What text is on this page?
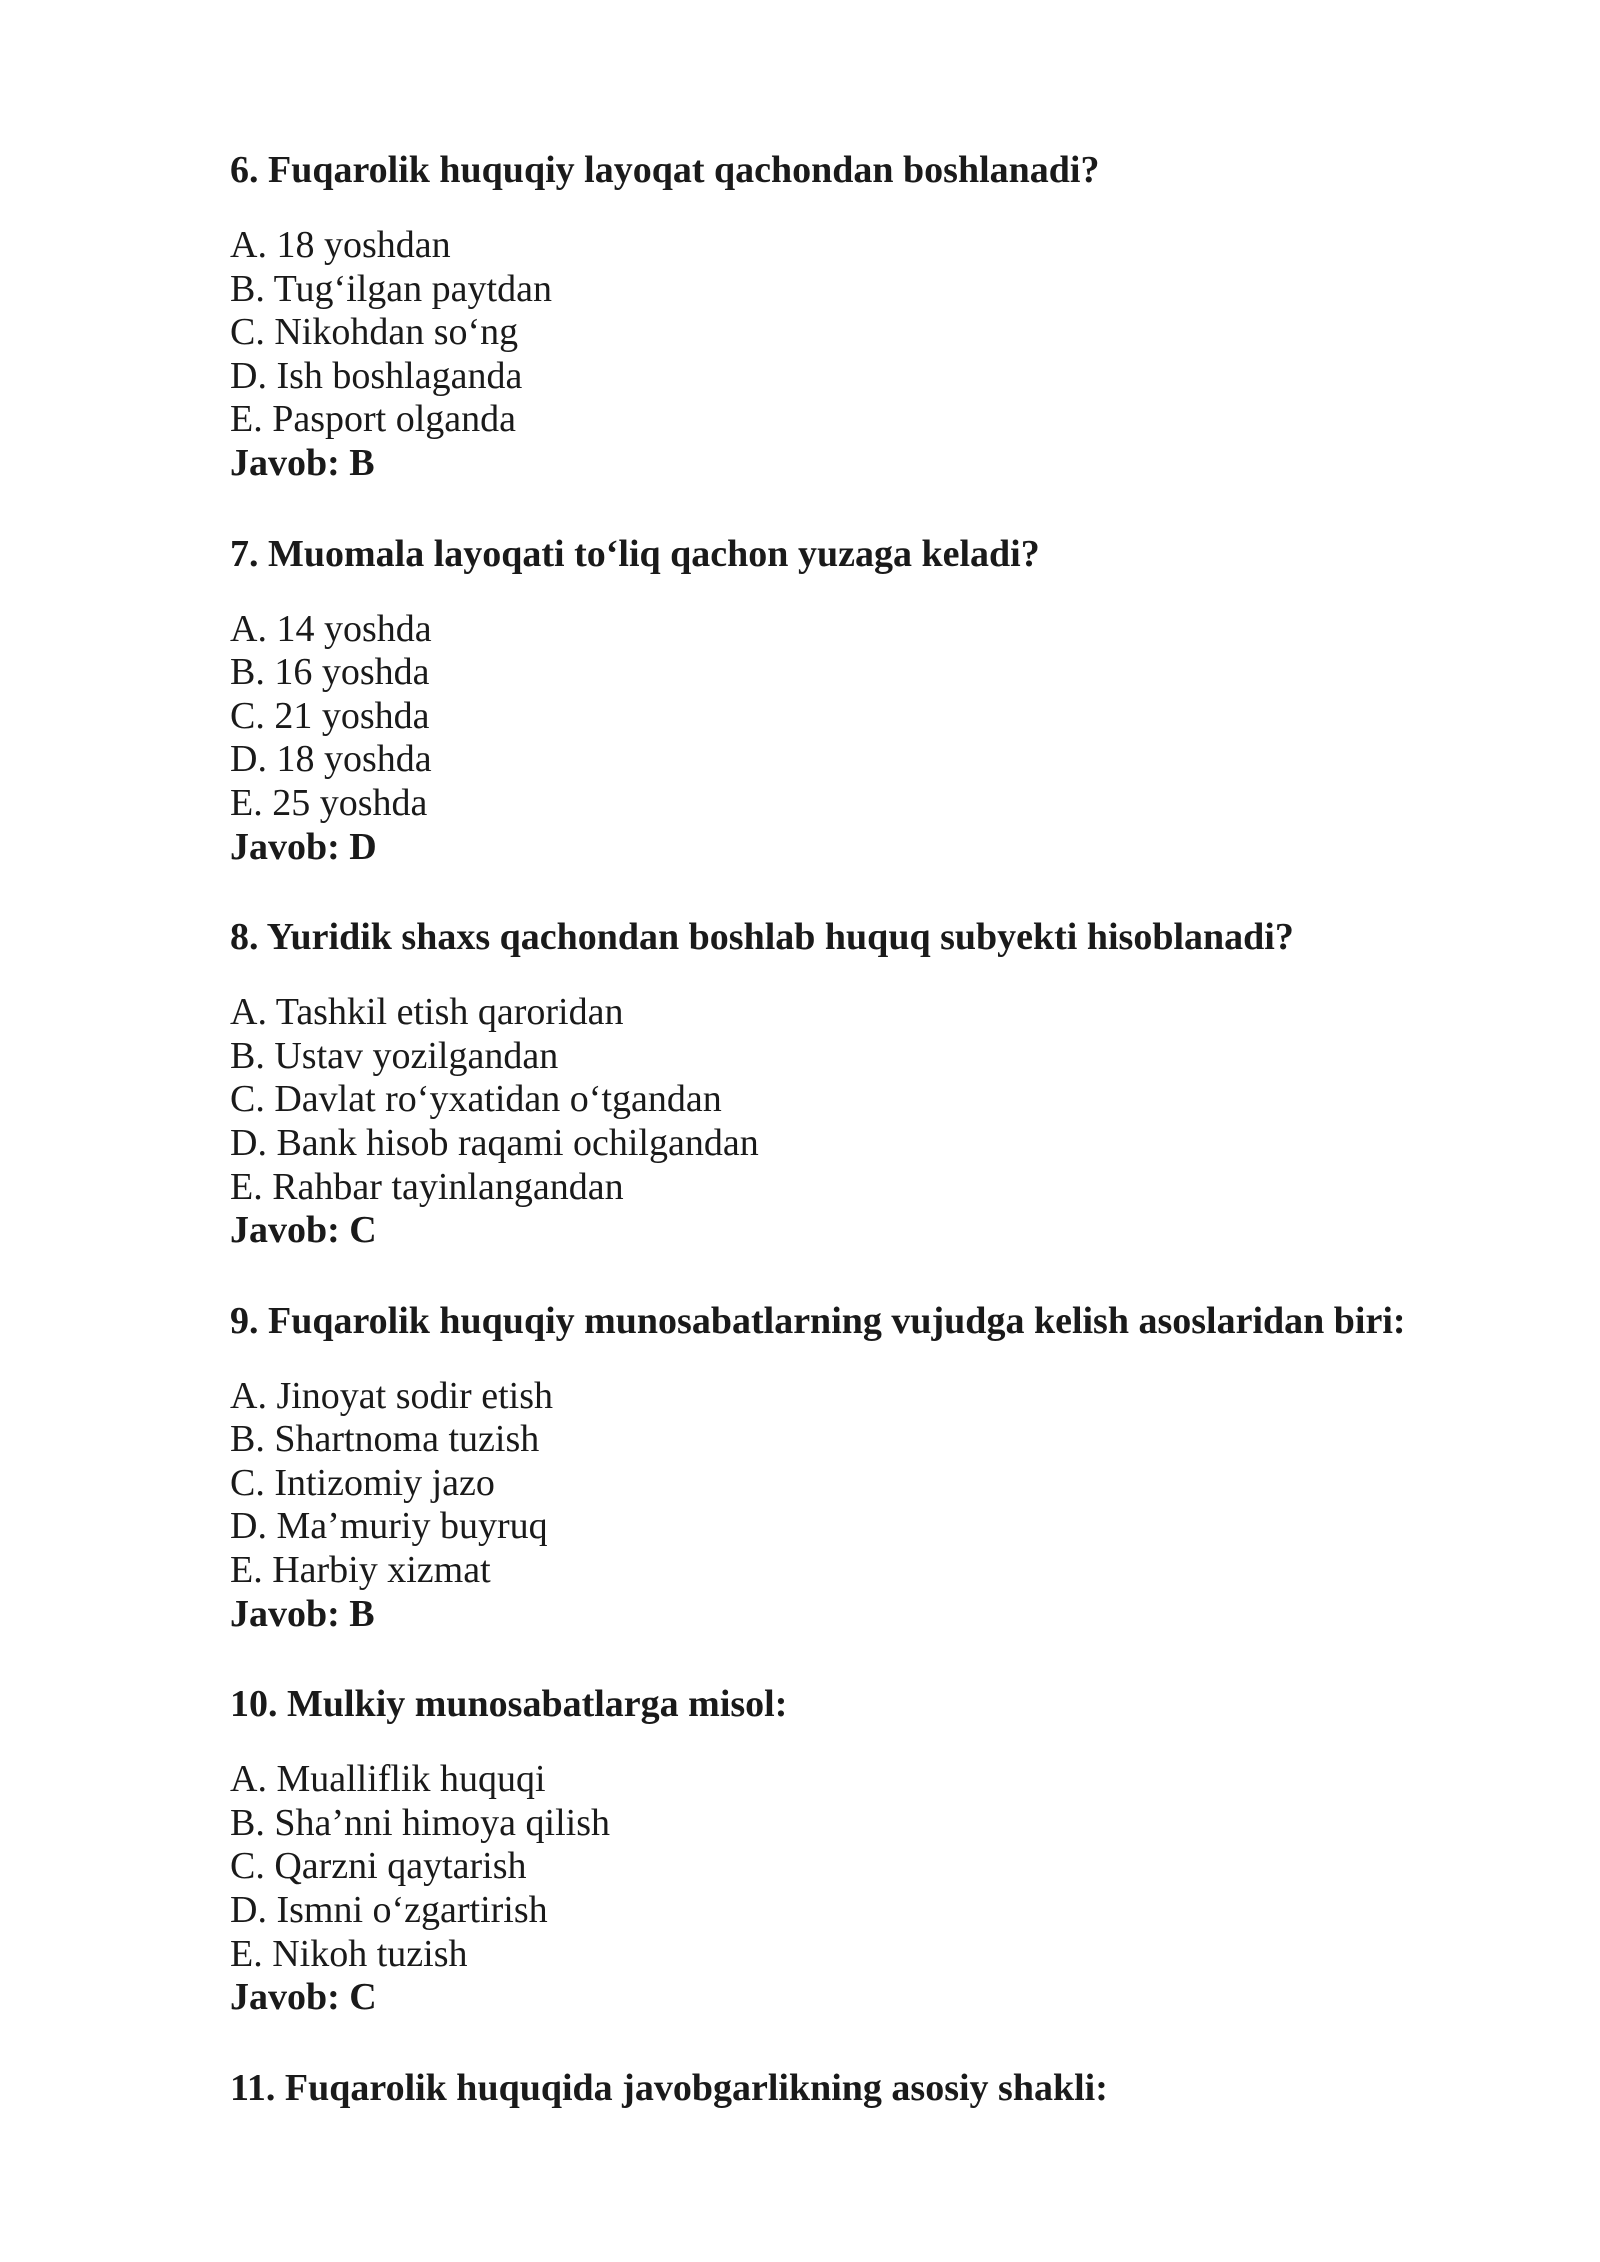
6. Fuqarolik huquqiy layoqat qachondan boshlanadi?

A. 18 yoshdan

B. Tug‘ilgan paytdan

C. Nikohdan so‘ng

D. Ish boshlaganda

E. Pasport olganda

Javob: B

7. Muomala layoqati to‘liq qachon yuzaga keladi?

A. 14 yoshda

B. 16 yoshda

C. 21 yoshda

D. 18 yoshda

E. 25 yoshda

Javob: D

8. Yuridik shaxs qachondan boshlab huquq subyekti hisoblanadi?

A. Tashkil etish qaroridan

B. Ustav yozilgandan

C. Davlat ro‘yxatidan o‘tgandan

D. Bank hisob raqami ochilgandan

E. Rahbar tayinlangandan

Javob: C

9. Fuqarolik huquqiy munosabatlarning vujudga kelish asoslaridan biri:

A. Jinoyat sodir etish

B. Shartnoma tuzish

C. Intizomiy jazo

D. Ma’muriy buyruq

E. Harbiy xizmat

Javob: B

10. Mulkiy munosabatlarga misol:

A. Mualliflik huquqi

B. Sha’nni himoya qilish

C. Qarzni qaytarish

D. Ismni o‘zgartirish

E. Nikoh tuzish

Javob: C

11. Fuqarolik huquqida javobgarlikning asosiy shakli:
